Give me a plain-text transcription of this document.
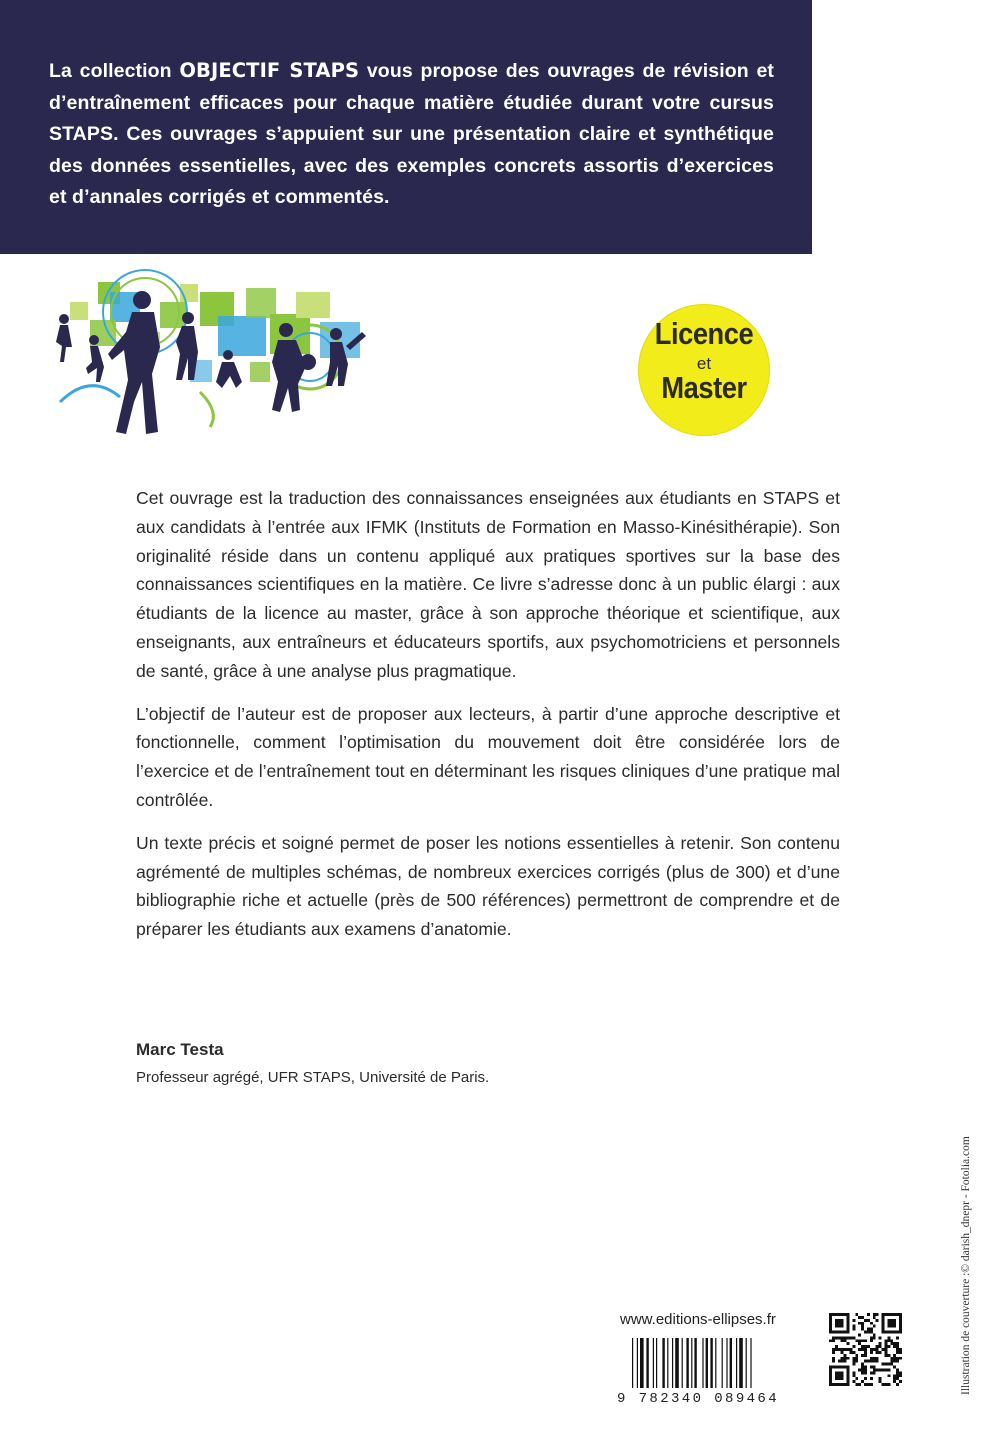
La collection OBJECTIF STAPS vous propose des ouvrages de révision et d’entraînement efficaces pour chaque matière étudiée durant votre cursus STAPS. Ces ouvrages s’appuient sur une présentation claire et synthétique des données essentielles, avec des exemples concrets assortis d’exercices et d’annales corrigés et commentés.
Licence
et
Master

Cet ouvrage est la traduction des connaissances enseignées aux étudiants en STAPS et aux candidats à l’entrée aux IFMK (Instituts de Formation en Masso-Kinésithérapie). Son originalité réside dans un contenu appliqué aux pratiques sportives sur la base des connaissances scientifiques en la matière. Ce livre s’adresse donc à un public élargi : aux étudiants de la licence au master, grâce à son approche théorique et scientifique, aux enseignants, aux entraîneurs et éducateurs sportifs, aux psychomotriciens et personnels de santé, grâce à une analyse plus pragmatique.

L’objectif de l’auteur est de proposer aux lecteurs, à partir d’une approche descriptive et fonctionnelle, comment l’optimisation du mouvement doit être considérée lors de l’exercice et de l’entraînement tout en déterminant les risques cliniques d’une pratique mal contrôlée.

Un texte précis et soigné permet de poser les notions essentielles à retenir. Son contenu agrémenté de multiples schémas, de nombreux exercices corrigés (plus de 300) et d’une bibliographie riche et actuelle (près de 500 références) permettront de comprendre et de préparer les étudiants aux examens d’anatomie.

Marc Testa
Professeur agrégé, UFR STAPS, Université de Paris.
Illustration de couverture :© darish_dnepr - Fotolia.com
www.editions-ellipses.fr
9 782340 089464
